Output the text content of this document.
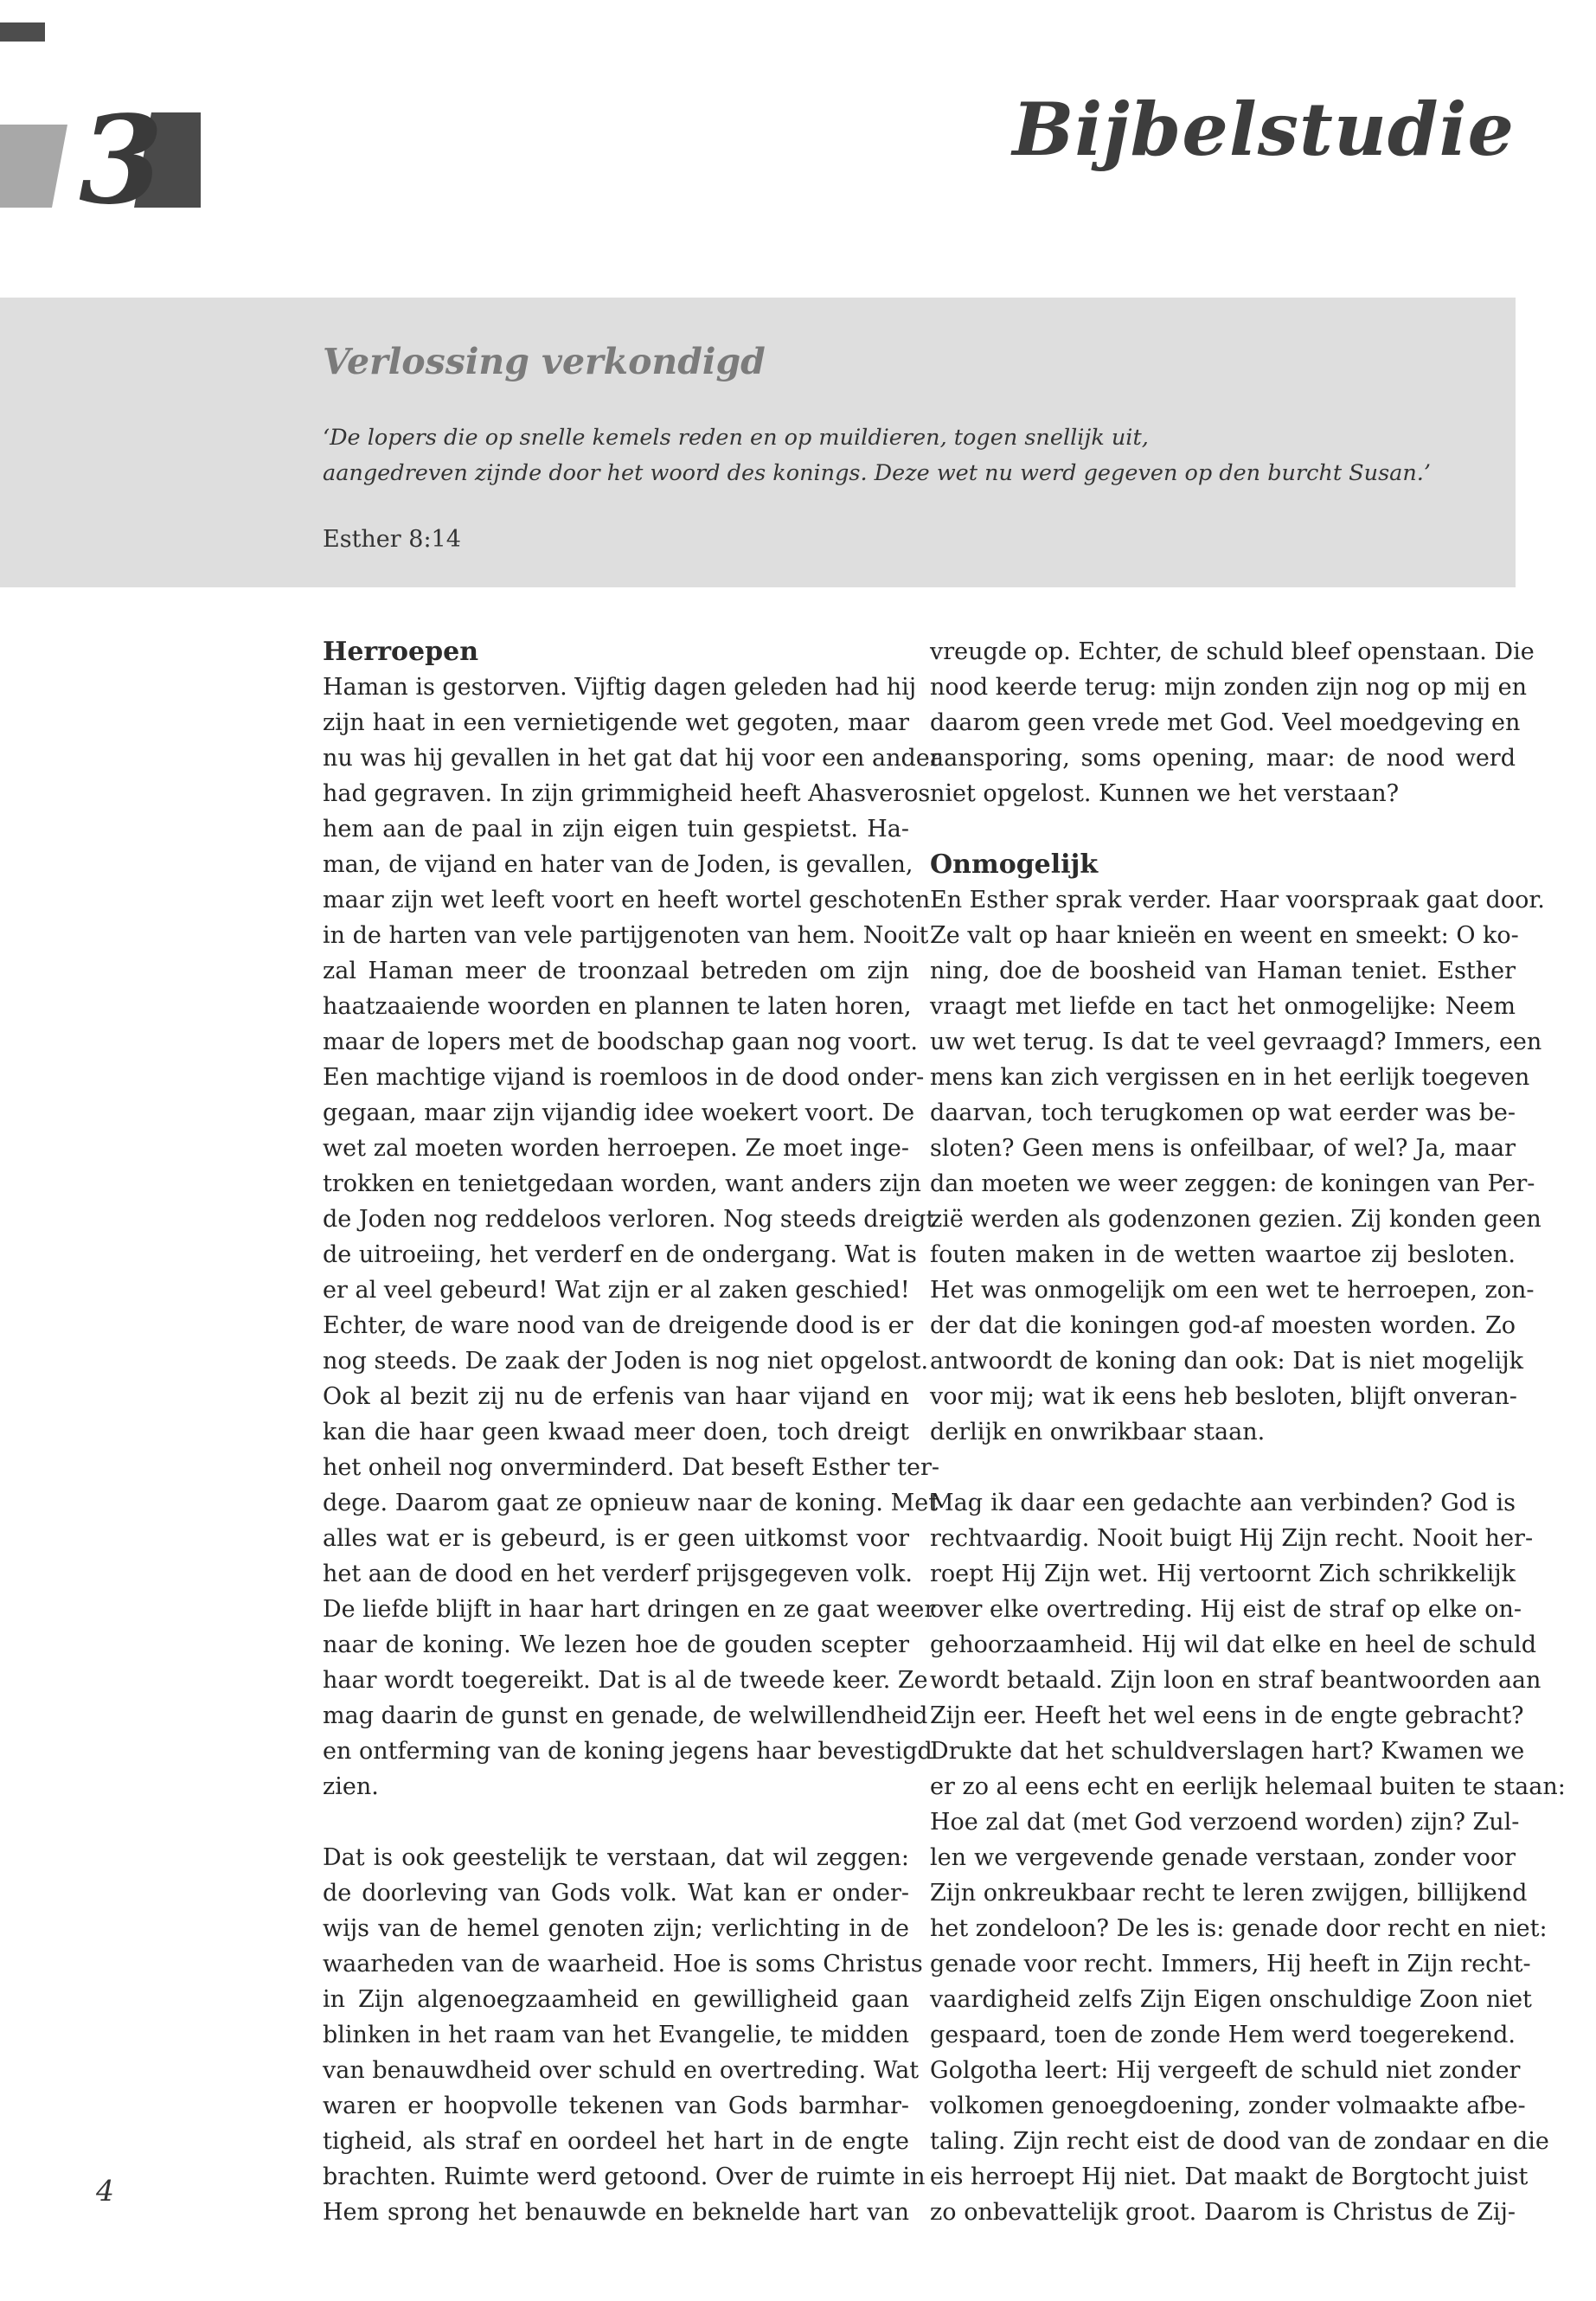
3	Bijbelstudie
Verlossing verkondigd
‘De lopers die op snelle kemels reden en op muildieren, togen snellijk uit,
aangedreven zijnde door het woord des konings. Deze wet nu werd gegeven op den burcht Susan.’
Esther 8:14
Herroepen
Haman is gestorven. Vijftig dagen geleden had hij
zijn haat in een vernietigende wet gegoten, maar
nu was hij gevallen in het gat dat hij voor een ander
had gegraven. In zijn grimmigheid heeft Ahasveros
hem aan de paal in zijn eigen tuin gespietst. Ha-
man, de vijand en hater van de Joden, is gevallen,
maar zijn wet leeft voort en heeft wortel geschoten
in de harten van vele partijgenoten van hem. Nooit
zal Haman meer de troonzaal betreden om zijn
haatzaaiende woorden en plannen te laten horen,
maar de lopers met de boodschap gaan nog voort.
Een machtige vijand is roemloos in de dood onder-
gegaan, maar zijn vijandig idee woekert voort. De
wet zal moeten worden herroepen. Ze moet inge-
trokken en tenietgedaan worden, want anders zijn
de Joden nog reddeloos verloren. Nog steeds dreigt
de uitroeiing, het verderf en de ondergang. Wat is
er al veel gebeurd! Wat zijn er al zaken geschied!
Echter, de ware nood van de dreigende dood is er
nog steeds. De zaak der Joden is nog niet opgelost.
Ook al bezit zij nu de erfenis van haar vijand en
kan die haar geen kwaad meer doen, toch dreigt
het onheil nog onverminderd. Dat beseft Esther ter-
dege. Daarom gaat ze opnieuw naar de koning. Met
alles wat er is gebeurd, is er geen uitkomst voor
het aan de dood en het verderf prijsgegeven volk.
De liefde blijft in haar hart dringen en ze gaat weer
naar de koning. We lezen hoe de gouden scepter
haar wordt toegereikt. Dat is al de tweede keer. Ze
mag daarin de gunst en genade, de welwillendheid
en ontferming van de koning jegens haar bevestigd
zien.
Dat is ook geestelijk te verstaan, dat wil zeggen:
de doorleving van Gods volk. Wat kan er onder-
wijs van de hemel genoten zijn; verlichting in de
waarheden van de waarheid. Hoe is soms Christus
in Zijn algenoegzaamheid en gewilligheid gaan
blinken in het raam van het Evangelie, te midden
van benauwdheid over schuld en overtreding. Wat
waren er hoopvolle tekenen van Gods barmhar-
tigheid, als straf en oordeel het hart in de engte
brachten. Ruimte werd getoond. Over de ruimte in
Hem sprong het benauwde en beknelde hart van
vreugde op. Echter, de schuld bleef openstaan. Die
nood keerde terug: mijn zonden zijn nog op mij en
daarom geen vrede met God. Veel moedgeving en
aansporing, soms opening, maar: de nood werd
niet opgelost. Kunnen we het verstaan?
Onmogelijk
En Esther sprak verder. Haar voorspraak gaat door.
Ze valt op haar knieën en weent en smeekt: O ko-
ning, doe de boosheid van Haman teniet. Esther
vraagt met liefde en tact het onmogelijke: Neem
uw wet terug. Is dat te veel gevraagd? Immers, een
mens kan zich vergissen en in het eerlijk toegeven
daarvan, toch terugkomen op wat eerder was be-
sloten? Geen mens is onfeilbaar, of wel? Ja, maar
dan moeten we weer zeggen: de koningen van Per-
zië werden als godenzonen gezien. Zij konden geen
fouten maken in de wetten waartoe zij besloten.
Het was onmogelijk om een wet te herroepen, zon-
der dat die koningen god-af moesten worden. Zo
antwoordt de koning dan ook: Dat is niet mogelijk
voor mij; wat ik eens heb besloten, blijft onveran-
derlijk en onwrikbaar staan.
Mag ik daar een gedachte aan verbinden? God is
rechtvaardig. Nooit buigt Hij Zijn recht. Nooit her-
roept Hij Zijn wet. Hij vertoornt Zich schrikkelijk
over elke overtreding. Hij eist de straf op elke on-
gehoorzaamheid. Hij wil dat elke en heel de schuld
wordt betaald. Zijn loon en straf beantwoorden aan
Zijn eer. Heeft het wel eens in de engte gebracht?
Drukte dat het schuldverslagen hart? Kwamen we
er zo al eens echt en eerlijk helemaal buiten te staan:
Hoe zal dat (met God verzoend worden) zijn? Zul-
len we vergevende genade verstaan, zonder voor
Zijn onkreukbaar recht te leren zwijgen, billijkend
het zondeloon? De les is: genade door recht en niet:
genade voor recht. Immers, Hij heeft in Zijn recht-
vaardigheid zelfs Zijn Eigen onschuldige Zoon niet
gespaard, toen de zonde Hem werd toegerekend.
Golgotha leert: Hij vergeeft de schuld niet zonder
volkomen genoegdoening, zonder volmaakte afbe-
taling. Zijn recht eist de dood van de zondaar en die
eis herroept Hij niet. Dat maakt de Borgtocht juist
zo onbevattelijk groot. Daarom is Christus de Zij-
4
